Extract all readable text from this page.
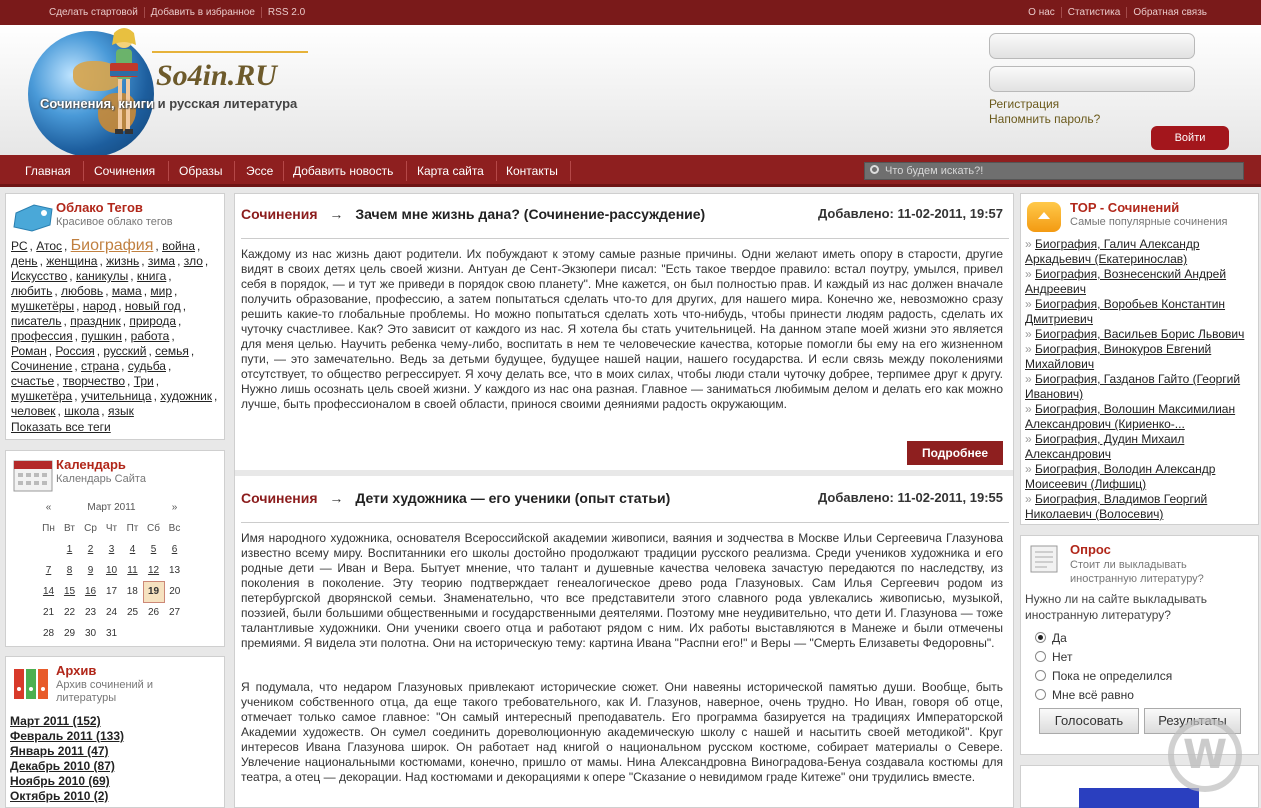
Сделать стартовой Добавить в избранное RSS 2.0	О нас Статистика Обратная связь
So4in.RU
Сочинения, книги и русская литература	Регистрация
Напомнить пароль?
Войти
Главная Сочинения Образы Эссе Добавить новость Карта сайта Контакты	Что будем искать?!
Облако Тегов
Красивое облако тегов
РС , Атос , Биография , война , день , женщина , жизнь , зима , зло , Искусство , каникулы , книга , любить , любовь , мама , мир , мушкетёры , народ , новый год , писатель , праздник , природа , профессия , пушкин , работа , Роман , Россия , русский , семья , Сочинение , страна , судьба , счастье , творчество , Три , мушкетёра , учительница , художник , человек , школа , язык
Показать все теги
Календарь
Календарь Сайта
«	Март 2011					»
Пн	Вт	Ср	Чт	Пт	Сб	Вс
	1	2	3	4	5	6
7	8	9	10	11	12	13
14	15	16	17	18	19	20
21	22	23	24	25	26	27
28	29	30	31			
Архив
Архив сочинений и литературы
Март 2011 (152)
Февраль 2011 (133)
Январь 2011 (47)
Декабрь 2010 (87)
Ноябрь 2010 (69)
Октябрь 2010 (2)
Сочинения → Зачем мне жизнь дана? (Сочинение-рассуждение)	Добавлено: 11-02-2011, 19:57
Каждому из нас жизнь дают родители. Их побуждают к этому самые разные причины. Одни желают иметь опору в старости, другие видят в своих детях цель своей жизни. Антуан де Сент-Экзюпери писал: "Есть такое твердое правило: встал поутру, умылся, привел себя в порядок, — и тут же приведи в порядок свою планету". Мне кажется, он был полностью прав. И каждый из нас должен вначале получить образование, профессию, а затем попытаться сделать что-то для других, для нашего мира. Конечно же, невозможно сразу решить какие-то глобальные проблемы. Но можно попытаться сделать хоть что-нибудь, чтобы принести людям радость, сделать их чуточку счастливее. Как? Это зависит от каждого из нас. Я хотела бы стать учительницей. На данном этапе моей жизни это является для меня целью. Научить ребенка чему-либо, воспитать в нем те человеческие качества, которые помогли бы ему на его жизненном пути, — это замечательно. Ведь за детьми будущее, будущее нашей нации, нашего государства. И если связь между поколениями отсутствует, то общество регрессирует. Я хочу делать все, что в моих силах, чтобы люди стали чуточку добрее, терпимее друг к другу. Нужно лишь осознать цель своей жизни. У каждого из нас она разная. Главное — заниматься любимым делом и делать его как можно лучше, быть профессионалом в своей области, принося своими деяниями радость окружающим.
Подробнее
Сочинения → Дети художника — его ученики (опыт статьи)	Добавлено: 11-02-2011, 19:55
Имя народного художника, основателя Всероссийской академии живописи, ваяния и зодчества в Москве Ильи Сергеевича Глазунова известно всему миру. Воспитанники его школы достойно продолжают традиции русского реализма. Среди учеников художника и его родные дети — Иван и Вера. Бытует мнение, что талант и душевные качества человека зачастую передаются по наследству, из поколения в поколение. Эту теорию подтверждает генеалогическое древо рода Глазуновых. Сам Илья Сергеевич родом из петербургской дворянской семьи. Знаменательно, что все представители этого славного рода увлекались живописью, музыкой, поэзией, были большими общественными и государственными деятелями. Поэтому мне неудивительно, что дети И. Глазунова — тоже талантливые художники. Они ученики своего отца и работают рядом с ним. Их работы выставляются в Манеже и были отмечены премиями. Я видела эти полотна. Они на историческую тему: картина Ивана "Распни его!" и Веры — "Смерть Елизаветы Федоровны".
Я подумала, что недаром Глазуновых привлекают исторические сюжет. Они навеяны исторической памятью души. Вообще, быть учеником собственного отца, да еще такого требовательного, как И. Глазунов, наверное, очень трудно. Но Иван, говоря об отце, отмечает только самое главное: "Он самый интересный преподаватель. Его программа базируется на традициях Императорской Академии художеств. Он сумел соединить дореволюционную академическую школу с нашей и насытить своей методикой". Круг интересов Ивана Глазунова широк. Он работает над книгой о национальном русском костюме, собирает материалы о Севере. Увлечение национальными костюмами, конечно, пришло от мамы. Нина Александровна Виноградова-Бенуа создавала костюмы для театра, а отец — декорации. Над костюмами и декорациями к опере "Сказание о невидимом граде Китеже" они трудились вместе.
TOP - Сочинений
Самые популярные сочинения
» Биография, Галич Александр Аркадьевич (Екатеринослав)
» Биография, Вознесенский Андрей Андреевич
» Биография, Воробьев Константин Дмитриевич
» Биография, Васильев Борис Львович
» Биография, Винокуров Евгений Михайлович
» Биография, Газданов Гайто (Георгий Иванович)
» Биография, Волошин Максимилиан Александрович (Кириенко-...
» Биография, Дудин Михаил Александрович
» Биография, Володин Александр Моисеевич (Лифшиц)
» Биография, Владимов Георгий Николаевич (Волосевич)
Опрос
Стоит ли выкладывать иностранную литературу?
Нужно ли на сайте выкладывать иностранную литературу?
Да
Нет
Пока не определился
Мне всё равно
Голосовать	Результаты
W
